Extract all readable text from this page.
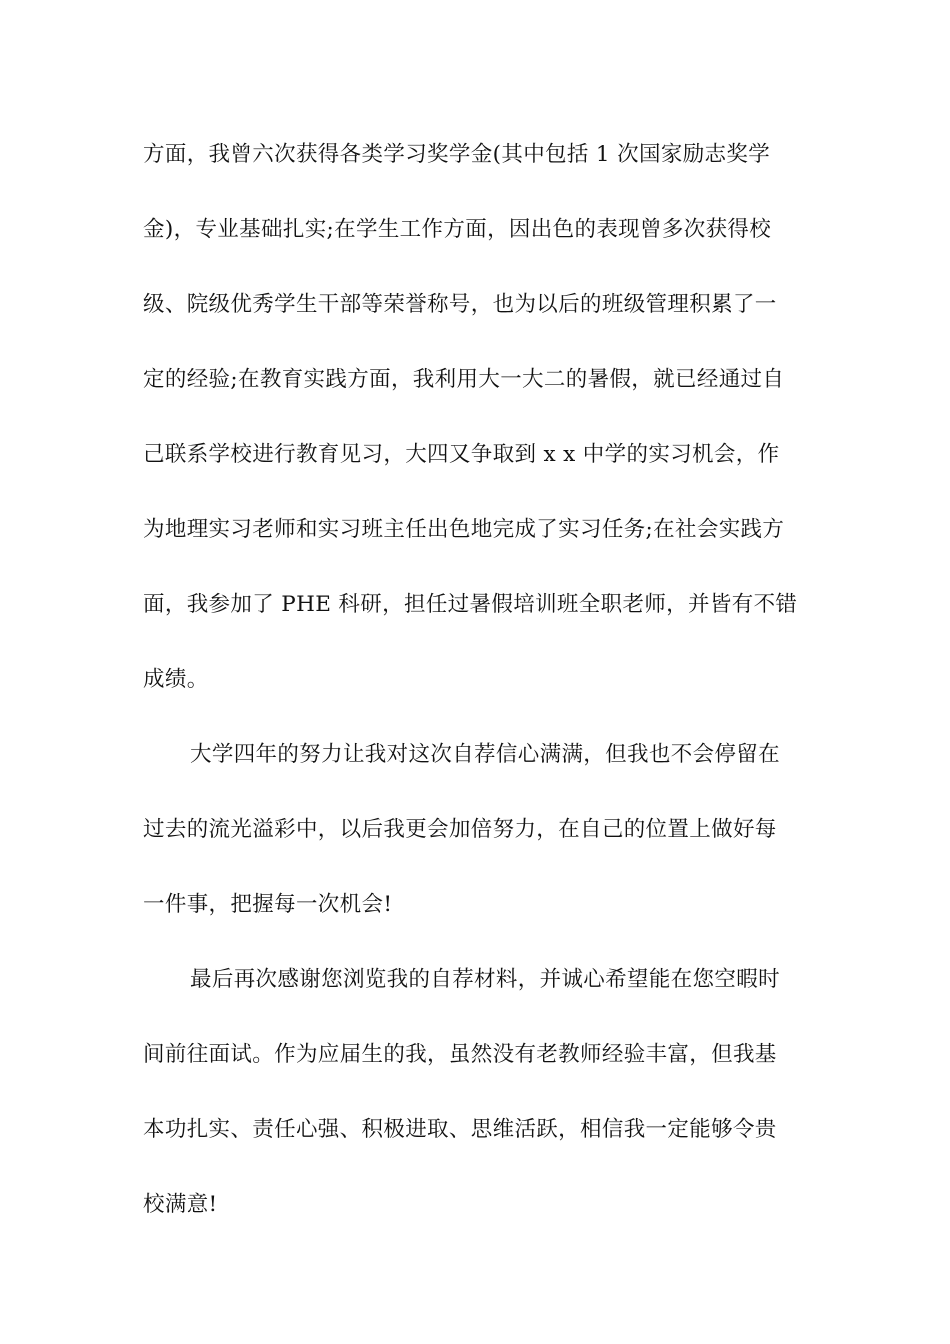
方面，我曾六次获得各类学习奖学金(其中包括 1 次国家励志奖学
金)，专业基础扎实;在学生工作方面，因出色的表现曾多次获得校
级、院级优秀学生干部等荣誉称号，也为以后的班级管理积累了一
定的经验;在教育实践方面，我利用大一大二的暑假，就已经通过自
己联系学校进行教育见习，大四又争取到 x x 中学的实习机会，作
为地理实习老师和实习班主任出色地完成了实习任务;在社会实践方
面，我参加了 PHE 科研，担任过暑假培训班全职老师，并皆有不错
成绩。
大学四年的努力让我对这次自荐信心满满，但我也不会停留在
过去的流光溢彩中，以后我更会加倍努力，在自己的位置上做好每
一件事，把握每一次机会!
最后再次感谢您浏览我的自荐材料，并诚心希望能在您空暇时
间前往面试。作为应届生的我，虽然没有老教师经验丰富，但我基
本功扎实、责任心强、积极进取、思维活跃，相信我一定能够令贵
校满意!
